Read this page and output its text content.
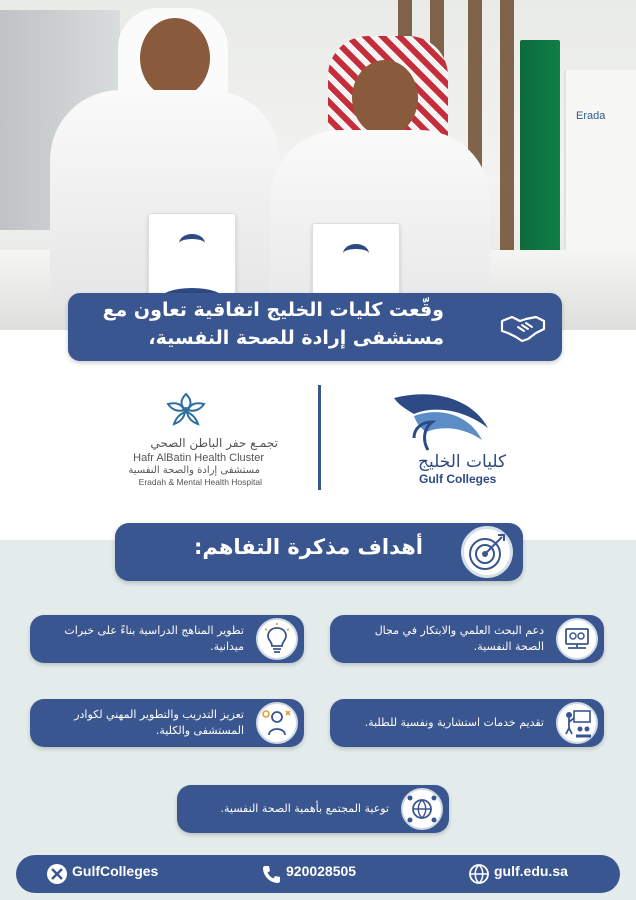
Erada
وقّعت كليات الخليج اتفاقية تعاون مع
مستشفى إرادة للصحة النفسية،
كليات الخليج
Gulf Colleges
تجمـع حفر الباطن الصحي
Hafr AlBatin Health Cluster
مستشفى إرادة والصحة النفسية
Eradah & Mental Health Hospital
أهداف مذكرة التفاهم:
دعم البحث العلمي والابتكار في مجال الصحة النفسية.
تطوير المناهج الدراسية بناءً على خبرات ميدانية.
تقديم خدمات استشارية ونفسية للطلبة.
تعزيز التدريب والتطوير المهني لكوادر المستشفى والكلية.
توعية المجتمع بأهمية الصحة النفسية.
GulfColleges	920028505	gulf.edu.sa
